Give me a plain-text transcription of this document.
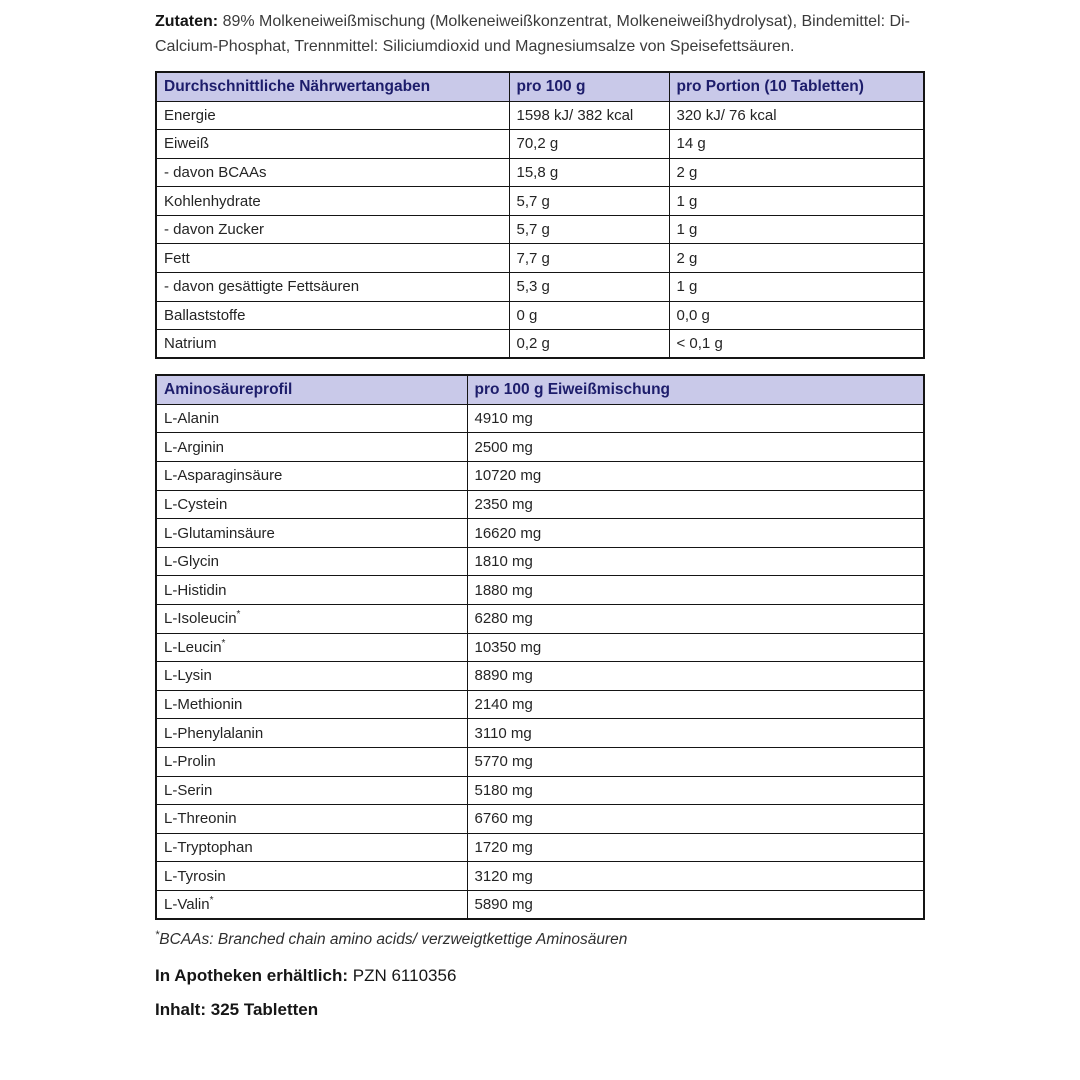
Zutaten: 89% Molkeneiweißmischung (Molkeneiweißkonzentrat, Molkeneiweißhydrolysat), Bindemittel: Di-Calcium-Phosphat, Trennmittel: Siliciumdioxid und Magnesiumsalze von Speisefettsäuren.

Durchschnittliche Nährwertangaben	pro 100 g	pro Portion (10 Tabletten)
Energie	1598 kJ/ 382 kcal	320 kJ/ 76 kcal
Eiweiß	70,2 g	14 g
- davon BCAAs	15,8 g	2 g
Kohlenhydrate	5,7 g	1 g
- davon Zucker	5,7 g	1 g
Fett	7,7 g	2 g
- davon gesättigte Fettsäuren	5,3 g	1 g
Ballaststoffe	0 g	0,0 g
Natrium	0,2 g	< 0,1 g
Aminosäureprofil	pro 100 g Eiweißmischung
L-Alanin	4910 mg
L-Arginin	2500 mg
L-Asparaginsäure	10720 mg
L-Cystein	2350 mg
L-Glutaminsäure	16620 mg
L-Glycin	1810 mg
L-Histidin	1880 mg
L-Isoleucin*	6280 mg
L-Leucin*	10350 mg
L-Lysin	8890 mg
L-Methionin	2140 mg
L-Phenylalanin	3110 mg
L-Prolin	5770 mg
L-Serin	5180 mg
L-Threonin	6760 mg
L-Tryptophan	1720 mg
L-Tyrosin	3120 mg
L-Valin*	5890 mg

*BCAAs: Branched chain amino acids/ verzweigtkettige Aminosäuren

In Apotheken erhältlich: PZN 6110356

Inhalt: 325 Tabletten
